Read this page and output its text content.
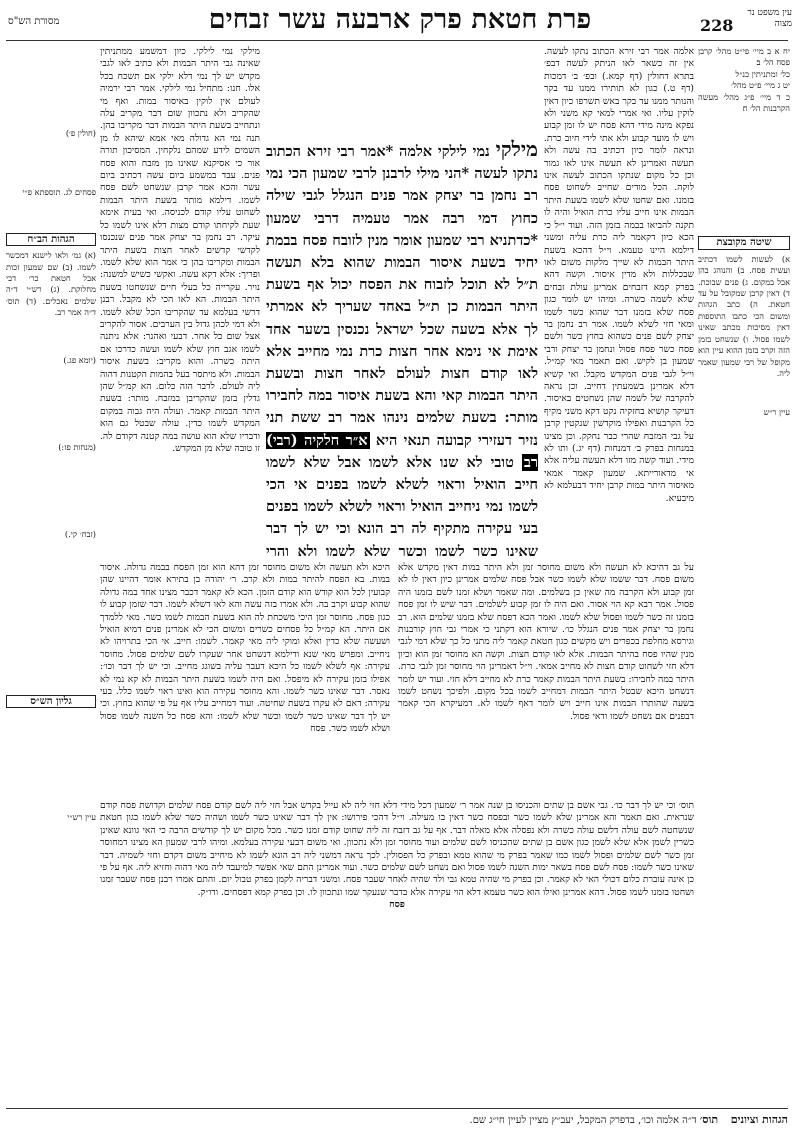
מסורת הש"ס	פרת חטאת פרק ארבעה עשר זבחים	228
עין משפט נר מצוה
יח א ב מיי׳ פי״ט מהל׳ קרבן פסח הל׳ ב׃
כל׳ ומתניתין כנ״ל
יט ג מיי׳ פ״ט מהל׳
כ ד מיי׳ פ״ג מהל׳ מעשה הקרבנות הל׳ ח׃
שיטה מקובצת
א) לעשות לשמו דכתיב ועשית פסח. ב) והנוהג בהן אבל במקום. ג) פנים שבוכת. ד) דאין קרבן שמקובל על עד חטאת. ה) כתב הגהות ומשום הכי כתבו התוספות דאין מסיכות מכתב שאינו לשמו פסול. ו) שנשחט בזמן הזה וקרב בזמן ההוא עיין הוא מקופל של רבי שמעון שאמר ליה.
עיין ר״ש
אלמה אמר רבי זירא הכתוב נתקו לעשה. אין זה כשאר לאו הניתק לעשה דבפ׳ בתרא דחולין (דף קמא.) ובפ׳ ב׳ דמכות (דף ט.) כגון לא תותירו ממנו עד בקר והנותר ממנו עד בקר באש תשרפו כיון דאין לוקין עליו. ואי אמרי למאי קא משני ולא נפקא מינה מידי דהא פסח יש לו זמן קבוע ויש לו מועד קבוע ולא אתי לידי חיוב כרת. ונראה לומר כיון דכתיב בה עשה ולא תעשה ואמרינן לא תעשה אינו לאו גמור וכן כל מקום שנתקו הכתוב לעשה אינו לוקה. הכל מודים שחייב לשחוט פסח בזמנו. ואם שחטו שלא לשמו בשעת היתר הבמות אינו חייב עליו כרת הואיל והיה לו תקנה להביאו בבמה בזמן הזה. ועוד י״ל כי הכא כיון דקאמר ליה כרת עליה ומשני דילמא היינו טעמא. וי״ל דהכא בשעת היתר הבמות לא שייך מלקות משום לאו שבכללות ולא מדין איסור. וקשה דהא בפרק קמא דזבחים אמרינן עולת זבחים שלא לשמה כשרה. ומיהו יש לומר כגון פסח שלא בזמנו דבר שהוא כשר לשמו ומאי חזי לשלא לשמו. אמר רב נחמן בר יצחק לשם פנים כשהוא בחוץ כשר ולשם פסח כשר פסח פסול ונחמן בר יצחק ורבי שמעון בן לקיש. ואם תאמר מאי קמ״ל. וי״ל לגבי פנים המקדש מקבל. ואי קשיא דלא אמרינן בשמעתין דחייב. וכן נראה להקרבה של לשמה שהן נשחטים באיסור. דעיקר קושיא בחזקיה נקט דקא משני מקיף כל הקרבנות ואפילו מוקדשין שנקטין קרבן על גבי המזבח שהרי כבר נחקק. וכן מצינו במנחות בפרק ב׳ דמנחות (דף יג.) ותו לא מידי. ועוד קשה מזו דלא תעשה עליה אלא אי מדאורייתא. שמעון קאמר אמאי מאיסור היתר במות קרבן יחיד דבעלמא לא מיבעיא.
מילקי נמי לילקי אלמה *אמר רבי זירא הכתוב נתקו לעשה *הני מילי לרבנן לרבי שמעון הכי נמי רב נחמן בר יצחק אמר פנים הנגלל לגבי שילה כחוץ דמי רבה אמר טעמיה דרבי שמעון *כדתניא רבי שמעון אומר מנין לזובח פסח בבמת יחיד בשעת איסור הבמות שהוא בלא תעשה ת״ל לא תוכל לזבוח את הפסח יכול אף בשעת היתר הבמות כן ת״ל באחד שעריך לא אמרתי לך אלא בשעה שכל ישראל נכנסין בשער אחד אימת אי נימא אחר חצות כרת נמי מחייב אלא לאו קודם חצות לעולם לאחר חצות ובשעת היתר הבמות קאי והא בשעת איסור במה לחבירו מותר: בשעת שלמים נינהו אמר רב ששת תני נזיר דעזירי קבועה תנאי היא א״ר חלקיה (רבי) רב טובי לא שנו אלא לשמו אבל שלא לשמו חייב הואיל וראוי לשלא לשמו בפנים אי הכי לשמו נמי ניחייב הואיל וראוי לשלא לשמו בפנים בעי עקירה מתקיף לה רב הונא וכי יש לך דבר שאינו כשר לשמו וכשר שלא לשמו ולא והרי
מילקי נמי לילקי. כיון דמשמע ממתניתין שאינה גבי היתר הבמות ולא כתיב לאו לגבי מקדש יש לך נמי דלא ילקי אם תשכח בכל אלו. חנו: מתחיל נמי לילקי. אמר רבי ירמיה לעולם אין לוקין באיסור במות. ואף מי שהקריב ולא נתכוון שום דבר מקריב עלה ונתחייב בשעת היתר הבמות דבר מקריבו בהן. תנה נמי הא גדולה מאי אמא שיהא לו מן השמים לידע שמהם נלקחין. המסיכון תורה אור כי אסיקנא שאינו מן מזבח והוא פסח פנים. עבד במשמע ביום עשה דכתיב ביום עשר והכא אמר קרבן שנשחט לשם פסח לשמו. דילמא מותר בשעת היתר הבמות לשחוט עליו קודם לכניסה. ואי בעית אימא שעת לקיחתו קודם מצות דלא אינו לשמו כל עיקר. רב נחמן בר יצחק אמר פנים שנכנסו לקדשי קדשים לאחר חצות בשעת היתר הבמות ומקריבו בהן כי אמר הוא שלא לשמו. ופריך: אלא דקא עשה. ואקשי כשיש למשנה: נויר. עקרייה כל בעלי חיים שנשחטו בשעת היתר הבמות. הא לאו הכי לא מקבל. רבנן דרשי בעלמא עד שהקריבו הכל שלא לשמו. ולא דמי לכהן גדול בין הערבים. אסור להקריב אצל שום כל אחר. דבעי ואהנר: אלא ניתנה לשמו אגב חוץ שלא לשמו ועשה כדרכו אם היתה כשרה. והוא מקריב: בשעת איסור הבמות. ולא מיתסר בעל בהמות הקטנות דהוה ליה לעולם. לדבר הזה כלום. הא קמ״ל שהן גדלין בזמן שהקריבן במזבח. מותר: בשעת היתר הבמות קאמר. ועולה היה גבוה במקום המקדש לשמו כדין. עולה שבטל גם הוא ודבריו שלא הוא עושה במה קטנה דקודם לה. זו טובה שלא מן המקדש.
(חולין פ׳)
פסחים לג. תוספתא פ״י
הגהות הב״ח
(א) גמ׳ ולאו לישנא דמכשר לשמו. (ב) שם שמעון זכות אבל חטאת כר׳ דבי מחלוקת. (ג) רש״י ד״ה שלמים נאכלים. (ד) תוס׳ ד״ה אמר רב.
(יומא פג.)
(מנחות פז:)
(זבח׳ קי.)
גליון הש״ס
עיין רש״י
היכא ולא תעשה ולא משום מחוסר זמן דהא הוא זמן הפסח בבמה גדולה. איסור במות. בא הפסח להיתר במות ולא קרב. ר׳ יהודה בן בתירא אומר דהיינו שהן קבועין לכל הוא קודש הוא קודם הזמן. הכא לא קאמר דכבר מצינו אחד במה גדולה שהוא קבוע וקרב בה. ולא אמרו בזה עשה והא לאו דשלא לשמו. דבר שזמן קבוע לו כגון פסח. מחוסר זמן היכי משכחת לה הוא בשעת הבמות לשמו כשר. מאי ללמדך אם היתר. הא קמ״ל כל פסחים כשרים ומשום הכי לא אמרינן פנים דמיא הואיל ושעשה שלא כדין ואלא ומוקי ליה מאי קאמר. לשמו: חייב. אי הכי בתרויהו לא ניחייב. ומפרש מאי שנא ודילמא דנשחט אחר שעקרו לשם שלמים פסול. מחוסר עקירה: אף לשלא לשמו כל היכא דעבר עליה בשוגג מחייב. וכי יש לך דבר וכו׳: אפילו בזמן עקירה לא מיפסל. ואם היה לשמו בשעת היתר הבמות לא קא נמי לא נאסר. דבר שאינו כשר לשמו. והא מחוסר עקירה הוא ואינו ראוי לשמו כלל. בעי עקירה: דאם לא עקרו בשעת שחיטה. ועוד דמחייב עליו אף על פי שהוא בחוץ. וכי יש לך דבר שאינו כשר לשמו וכשר שלא לשמו: והא פסח כל השנה לשמו פסול ושלא לשמו כשר. פסח
על גב דהיכא לא תעשה ולא משום מחוסר זמן ולא היתר במות דאין מקדש אלא משום פסח. דבר ששמו שלא לשמו כשר אבל פסח שלמים אמרינן כיון דאין לו לא זמן קבוע ולא הקרבה מה שאין כן בשלמים. ומה שאמר ושלא זמנו לשם בזמנו היה פסול. אמר רבא קא הוי אסור. ואם היה לו זמן קבוע לשלמים. דבר שיש לו זמן פסח בזמנו זה כשר לשמו ופסול שלא לשמו. ואמר הכא דפסח שלא בזמנו שלמים הוא. רב נחמן בר יצחק אמר פנים הנגלל כו׳. שיורא הוא דקתני כי אמרי גבי חוץ קורבנות וגירסא מחלפת בכפרים ויש מקשים כגון חטאת קאמר ליה מתני כל כך שלא דמי לגבי מנין שהיו פסח בהיתר הבמות. אלא לאו קודם חצות. וקשה הא מחוסר זמן הוא וכיון דלא חזי לשחוט קודם חצות לא מחייב אמאי. וי״ל דאמרינן הוי מחוסר זמן לגבי כרת. היתר במה לחבירו: בשעת היתר הבמות קאמר כרת לא מחייב דלא חזי. ועוד יש לומר דנשחט היכא שבטל היתר הבמות דמחייב לשמו בכל מקום. ולפיכך נשחט לשמו בשעה שהותרו הבמות אינו חייב ויש לומר דאף לשמו לא. דמעיקרא הכי קאמר דבפנים אם נשחט לשמו ודאי פסול.
תוס׳ וכי יש לך דבר כו׳. גבי אשם בן שתים והכניסו בן שנה אמר ר׳ שמעון דכל מידי דלא חזי ליה לא עייל בקדש אבל חזי ליה לשם קודם פסח שלמים וקדושת פסח קודם שנראית. ואם תאמר והא אמרינן שלא לשמו כשר ובפסח כשר דאין בו מעילה. וי״ל דהכי פירושו: אין לך דבר שאינו כשר לשמו ושהיה כשר שלא לשמו כגון חטאת שנשחטה לשם עולה דלשם עולה כשרה ולא נפסלה אלא מאלה דבר. אף על גב דזבח זה ליה שחוט קודם זמנו כשר. מכל מקום יש לך קודשים הרבה כי האי גוונא שאינן כשרין לשמן אלא שלא לשמן כגון אשם בן שתים שהכניסו לשם שלמים ועוד מחוסר זמן ולא נתכוון. ואי משום דבעי עקירה בעלמא. ומיהו לרבי שמעון הא מצינו דמחוסר זמן כשר לשם שלמים ופסול לשמו כמו שאמר בפרק מי שהוא טמא ובפרק כל הפסולין. לכך נראה דמשני ליה רב הונא לשמו לא מיחייב משום דקדם וחזי לשמיה. דבר שאינו כשר לשמו: פסח לשם פסח בשאר ימות השנה לשמו פסול ואם נשחט לשם שלמים כשר. ועוד אמרינן התם שאי אפשר למיעבד ליה מאי דהוה וחזיא ליה. אף על פי כן אינה עוברת כלום דכולי האי לא קאמר. וכן בפרק מי שהיה טמא גבי ולד שהיה לאחר שעבר פסח. ומשני דבריה לקמן בפרק טבול יום. והתם אמרו רבנן פסח שעבר זמנו ושחטו בזמנו לשמו פסול. דהא אמרינן ואילו הוא כשר טעמא דלא הוי עקירה אלא בדבר שנעקר שמו ונתכוון לו. וכן בפרק קמא דפסחים. ודו״ק.
פסח
הגהות וציונים    תוס׳ ד״ה אלמה וכו׳, בדפרק המקבל, יעב״ץ מציין לעיין חי״ג שם.
